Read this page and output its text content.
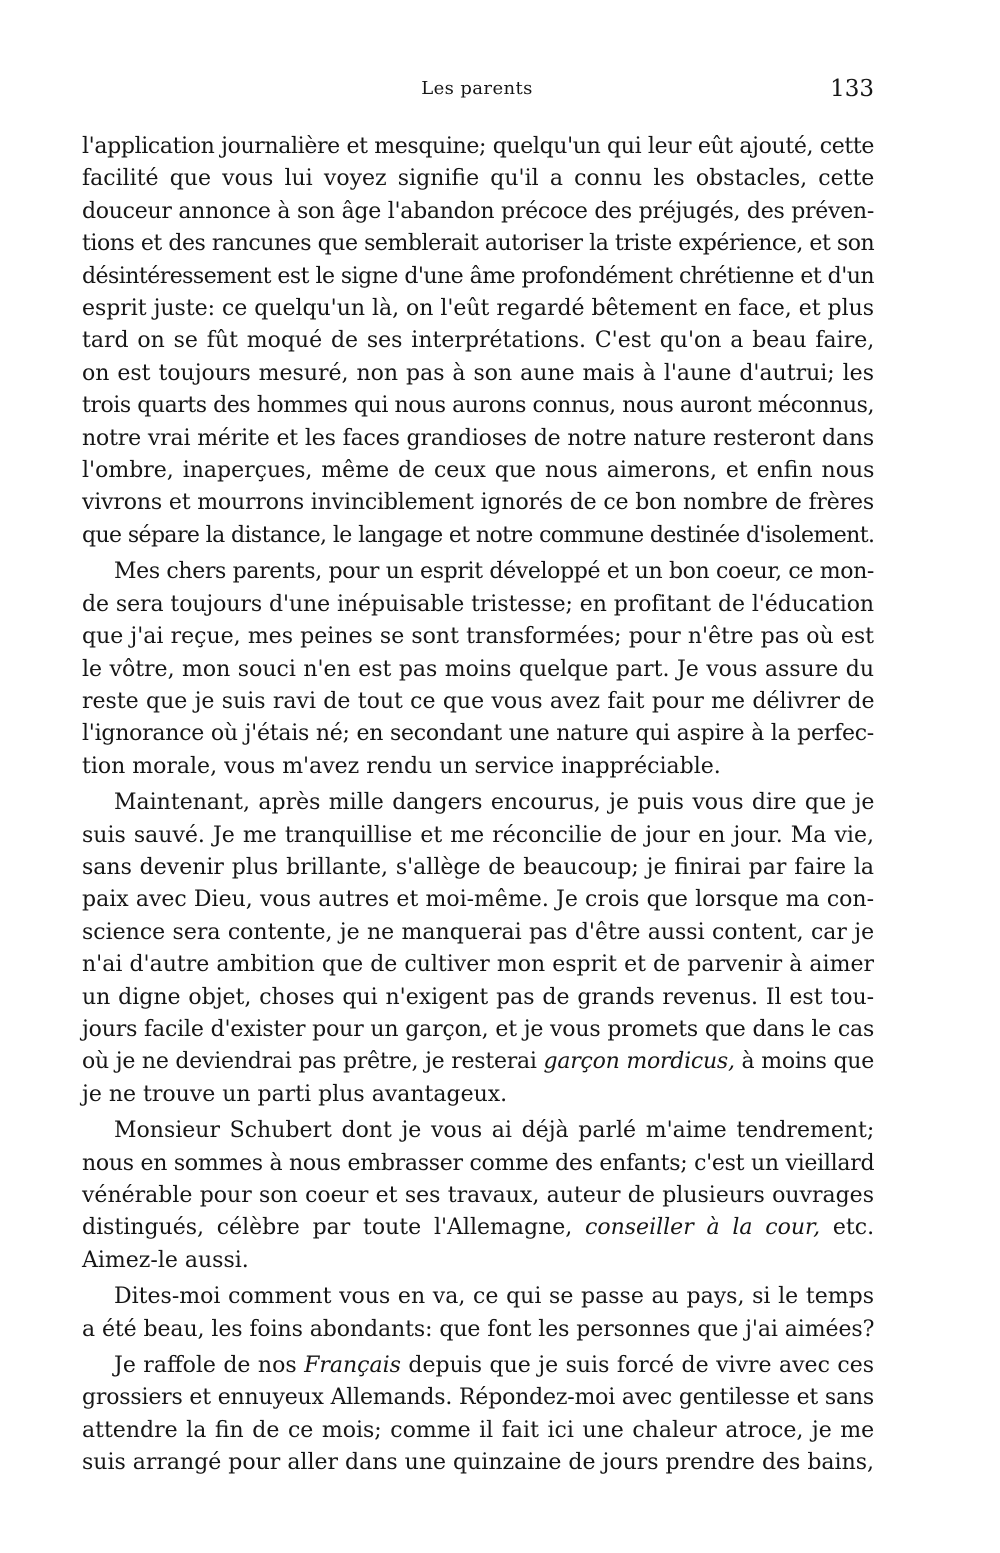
Les parents	133
l'application journalière et mesquine; quelqu'un qui leur eût ajouté, cette
facilité que vous lui voyez signifie qu'il a connu les obstacles, cette
douceur annonce à son âge l'abandon précoce des préjugés, des préven-
tions et des rancunes que semblerait autoriser la triste expérience, et son
désintéressement est le signe d'une âme profondément chrétienne et d'un
esprit juste: ce quelqu'un là, on l'eût regardé bêtement en face, et plus
tard on se fût moqué de ses interprétations. C'est qu'on a beau faire,
on est toujours mesuré, non pas à son aune mais à l'aune d'autrui; les
trois quarts des hommes qui nous aurons connus, nous auront méconnus,
notre vrai mérite et les faces grandioses de notre nature resteront dans
l'ombre, inaperçues, même de ceux que nous aimerons, et enfin nous
vivrons et mourrons invinciblement ignorés de ce bon nombre de frères
que sépare la distance, le langage et notre commune destinée d'isolement.
Mes chers parents, pour un esprit développé et un bon coeur, ce mon-
de sera toujours d'une inépuisable tristesse; en profitant de l'éducation
que j'ai reçue, mes peines se sont transformées; pour n'être pas où est
le vôtre, mon souci n'en est pas moins quelque part. Je vous assure du
reste que je suis ravi de tout ce que vous avez fait pour me délivrer de
l'ignorance où j'étais né; en secondant une nature qui aspire à la perfec-
tion morale, vous m'avez rendu un service inappréciable.
Maintenant, après mille dangers encourus, je puis vous dire que je
suis sauvé. Je me tranquillise et me réconcilie de jour en jour. Ma vie,
sans devenir plus brillante, s'allège de beaucoup; je finirai par faire la
paix avec Dieu, vous autres et moi-même. Je crois que lorsque ma con-
science sera contente, je ne manquerai pas d'être aussi content, car je
n'ai d'autre ambition que de cultiver mon esprit et de parvenir à aimer
un digne objet, choses qui n'exigent pas de grands revenus. Il est tou-
jours facile d'exister pour un garçon, et je vous promets que dans le cas
où je ne deviendrai pas prêtre, je resterai garçon mordicus, à moins que
je ne trouve un parti plus avantageux.
Monsieur Schubert dont je vous ai déjà parlé m'aime tendrement;
nous en sommes à nous embrasser comme des enfants; c'est un vieillard
vénérable pour son coeur et ses travaux, auteur de plusieurs ouvrages
distingués, célèbre par toute l'Allemagne, conseiller à la cour, etc.
Aimez-le aussi.
Dites-moi comment vous en va, ce qui se passe au pays, si le temps
a été beau, les foins abondants: que font les personnes que j'ai aimées?
Je raffole de nos Français depuis que je suis forcé de vivre avec ces
grossiers et ennuyeux Allemands. Répondez-moi avec gentilesse et sans
attendre la fin de ce mois; comme il fait ici une chaleur atroce, je me
suis arrangé pour aller dans une quinzaine de jours prendre des bains,
